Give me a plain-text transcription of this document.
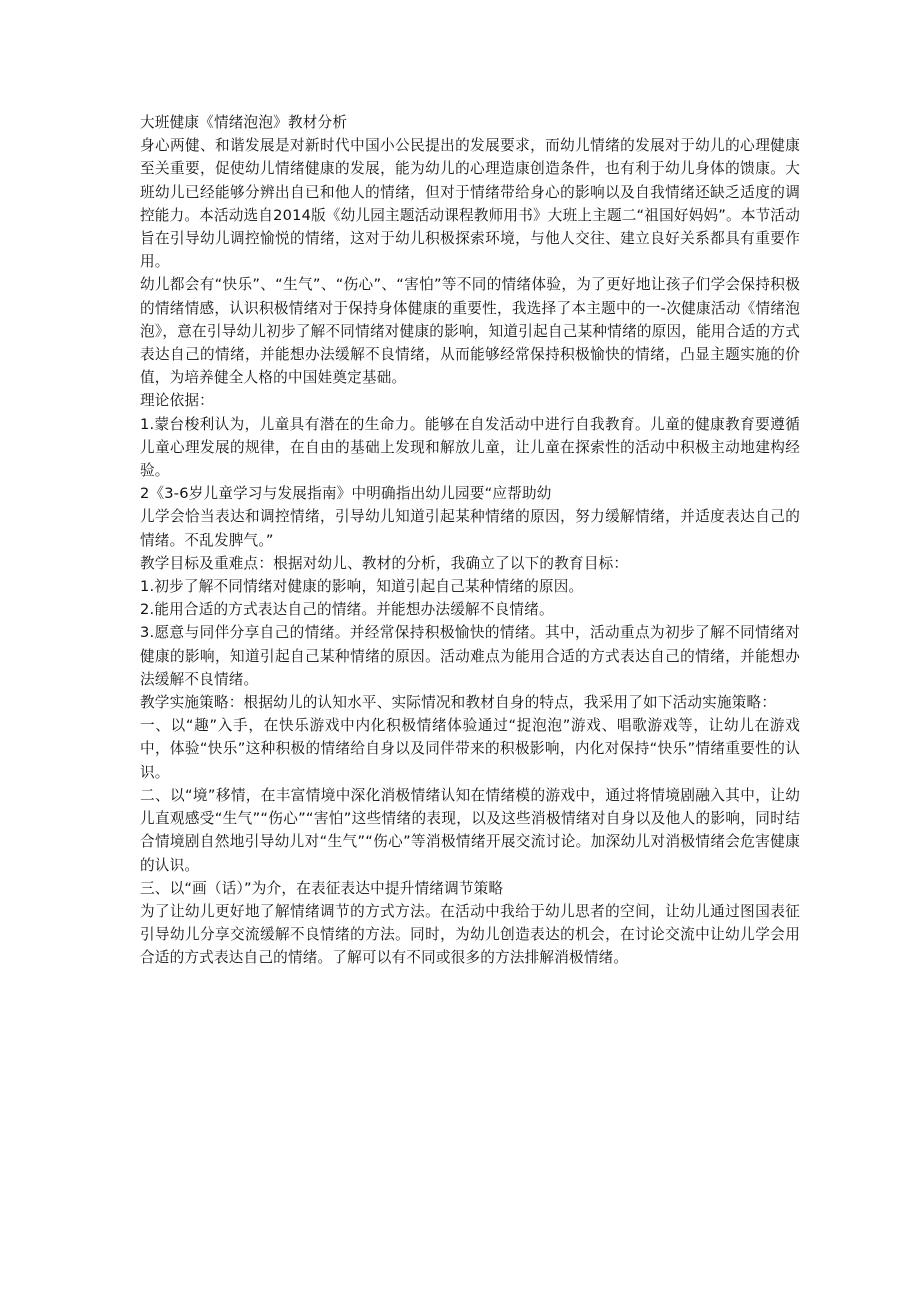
大班健康《情绪泡泡》教材分析

身心两健、和谐发展是对新时代中国小公民提出的发展要求，而幼儿情绪的发展对于幼儿的心理健康至关重要，促使幼儿情绪健康的发展，能为幼儿的心理造康创造条件，也有利于幼儿身体的馈康。大班幼儿已经能够分辨出自已和他人的情绪，但对于情绪带给身心的影响以及自我情绪还缺乏适度的调控能力。本活动选自2014版《幼儿园主题活动课程教师用书》大班上主题二“祖国好妈妈”。本节活动旨在引导幼儿调控愉悦的情绪，这对于幼儿积极探索环境，与他人交往、建立良好关系都具有重要作用。

幼儿都会有“快乐”、“生气”、“伤心”、“害怕”等不同的情绪体验，为了更好地让孩子们学会保持积极的情绪情感，认识积极情绪对于保持身体健康的重要性，我选择了本主题中的一-次健康活动《情绪泡泡》，意在引导幼儿初步了解不同情绪对健康的影响，知道引起自己某种情绪的原因，能用合适的方式表达自己的情绪，并能想办法缓解不良情绪，从而能够经常保持积极愉快的情绪，凸显主题实施的价值，为培养健全人格的中国娃奠定基础。

理论依据：

1.蒙台梭利认为，儿童具有潜在的生命力。能够在自发活动中进行自我教育。儿童的健康教育要遵循儿童心理发展的规律，在自由的基础上发现和解放儿童，让儿童在探索性的活动中积极主动地建构经验。

2《3-6岁儿童学习与发展指南》中明确指出幼儿园要“应帮助幼

儿学会恰当表达和调控情绪，引导幼儿知道引起某种情绪的原因，努力缓解情绪，并适度表达自己的情绪。不乱发脾气。”

教学目标及重难点：根据对幼儿、教材的分析，我确立了以下的教育目标：

1.初步了解不同情绪对健康的影响，知道引起自己某种情绪的原因。

2.能用合适的方式表达自己的情绪。并能想办法缓解不良情绪。

3.愿意与同伴分享自己的情绪。并经常保持积极愉快的情绪。其中，活动重点为初步了解不同情绪对健康的影响，知道引起自己某种情绪的原因。活动难点为能用合适的方式表达自己的情绪，并能想办法缓解不良情绪。

教学实施策略：根据幼儿的认知水平、实际情况和教材自身的特点，我采用了如下活动实施策略：

一、以“趣”入手，在快乐游戏中内化积极情绪体验通过“捉泡泡”游戏、唱歌游戏等，让幼儿在游戏中，体验“快乐”这种积极的情绪给自身以及同伴带来的积极影响，内化对保持“快乐”情绪重要性的认识。

二、以“境”移情，在丰富情境中深化消极情绪认知在情绪模的游戏中，通过将情境剧融入其中，让幼儿直观感受“生气”“伤心”“害怕”这些情绪的表现，以及这些消极情绪对自身以及他人的影响，同时结合情境剧自然地引导幼儿对“生气”“伤心”等消极情绪开展交流讨论。加深幼儿对消极情绪会危害健康的认识。

三、以“画（话）”为介，在表征表达中提升情绪调节策略

为了让幼儿更好地了解情绪调节的方式方法。在活动中我给于幼儿思者的空间，让幼儿通过图国表征引导幼儿分享交流缓解不良情绪的方法。同时，为幼儿创造表达的机会，在讨论交流中让幼儿学会用合适的方式表达自己的情绪。了解可以有不同或很多的方法排解消极情绪。
